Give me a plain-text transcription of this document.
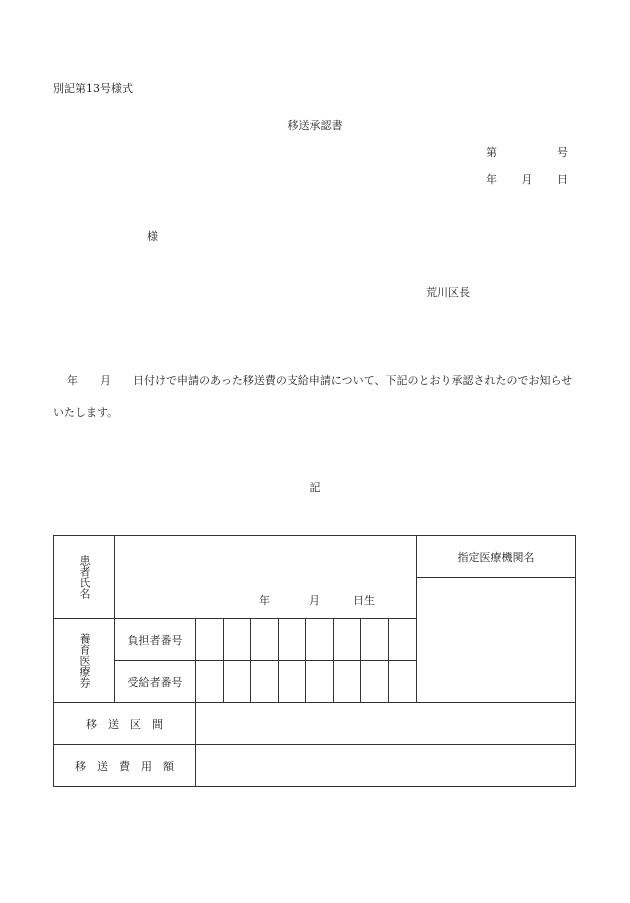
別記第13号様式
移送承認書
第	号
年 月 日
様
荒川区長
年 月 日付けで申請のあった移送費の支給申請について、下記のとおり承認されたのでお知らせいたします。
記
患者氏名	年 月 日生									指定医療機関名

養育医療券	負担者番号									
	受給者番号									
移　送　区　間										
移　送　費　用　額										
